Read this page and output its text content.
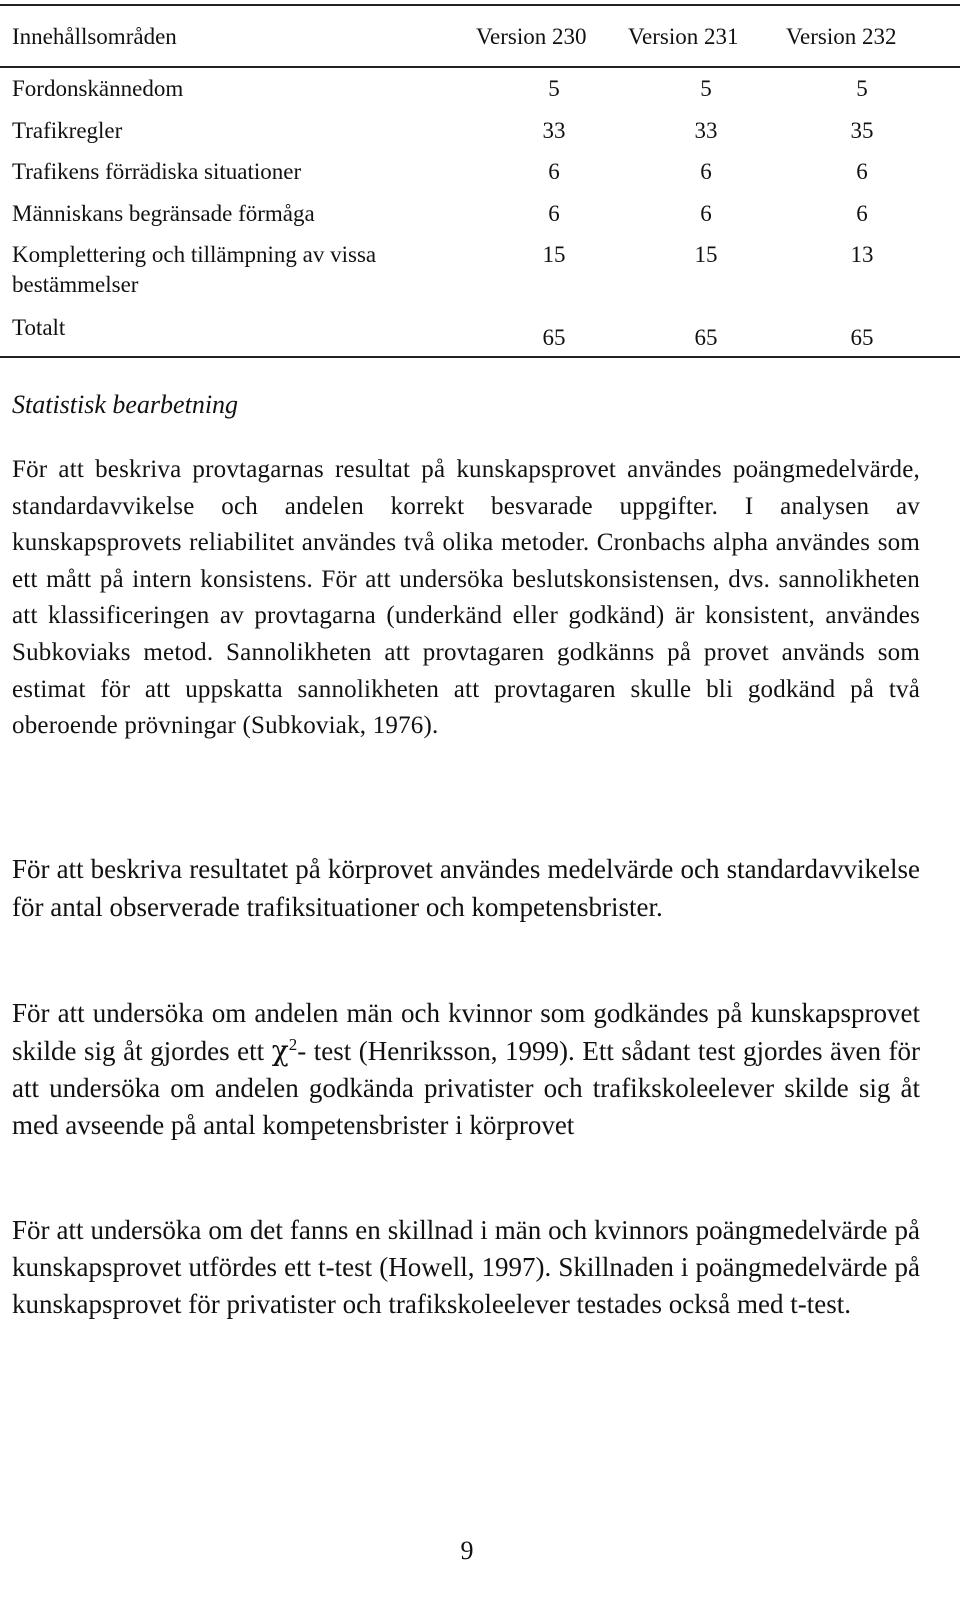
Innehållsområden	Version 230 Version 231 Version 232
Fordonskännedom	5	5	5
Trafikregler	33	33	35
Trafikens förrädiska situationer	6	6	6
Människans begränsade förmåga	6	6	6
Komplettering och tillämpning av vissa
bestämmelser
15	15	13
Totalt	65	65	65
Statistisk bearbetning

För att beskriva provtagarnas resultat på kunskapsprovet användes poängmedelvärde, standardavvikelse och andelen korrekt besvarade uppgifter. I analysen av kunskapsprovets reliabilitet användes två olika metoder. Cronbachs alpha användes som ett mått på intern konsistens. För att undersöka beslutskonsistensen, dvs. sannolikheten att klassificeringen av provtagarna (underkänd eller godkänd) är konsistent, användes Subkoviaks metod. Sannolikheten att provtagaren godkänns på provet används som estimat för att uppskatta sannolikheten att provtagaren skulle bli godkänd på två oberoende prövningar (Subkoviak, 1976).

För att beskriva resultatet på körprovet användes medelvärde och standardavvikelse för antal observerade trafiksituationer och kompetensbrister.

För att undersöka om andelen män och kvinnor som godkändes på kunskapsprovet skilde sig åt gjordes ett $\chi^2-$ test (Henriksson, 1999). Ett sådant test gjordes även för att undersöka om andelen godkända privatister och trafikskoleelever skilde sig åt med avseende på antal kompetensbrister i körprovet

För att undersöka om det fanns en skillnad i män och kvinnors poängmedelvärde på kunskapsprovet utfördes ett t-test (Howell, 1997). Skillnaden i poängmedelvärde på kunskapsprovet för privatister och trafikskoleelever testades också med t-test.

9
